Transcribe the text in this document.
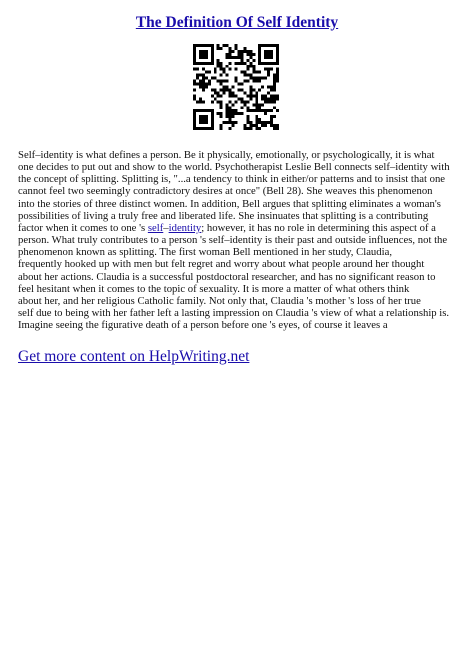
The Definition Of Self Identity
Self–identity is what defines a person. Be it physically, emotionally, or psychologically, it is what
one decides to put out and show to the world. Psychotherapist Leslie Bell connects self–identity with
the concept of splitting. Splitting is, "...a tendency to think in either/or patterns and to insist that one
cannot feel two seemingly contradictory desires at once" (Bell 28). She weaves this phenomenon
into the stories of three distinct women. In addition, Bell argues that splitting eliminates a woman's
possibilities of living a truly free and liberated life. She insinuates that splitting is a contributing
factor when it comes to one 's self–identity; however, it has no role in determining this aspect of a
person. What truly contributes to a person 's self–identity is their past and outside influences, not the
phenomenon known as splitting. The first woman Bell mentioned in her study, Claudia,
frequently hooked up with men but felt regret and worry about what people around her thought
about her actions. Claudia is a successful postdoctoral researcher, and has no significant reason to
feel hesitant when it comes to the topic of sexuality. It is more a matter of what others think
about her, and her religious Catholic family. Not only that, Claudia 's mother 's loss of her true
self due to being with her father left a lasting impression on Claudia 's view of what a relationship is.
Imagine seeing the figurative death of a person before one 's eyes, of course it leaves a
Get more content on HelpWriting.net
